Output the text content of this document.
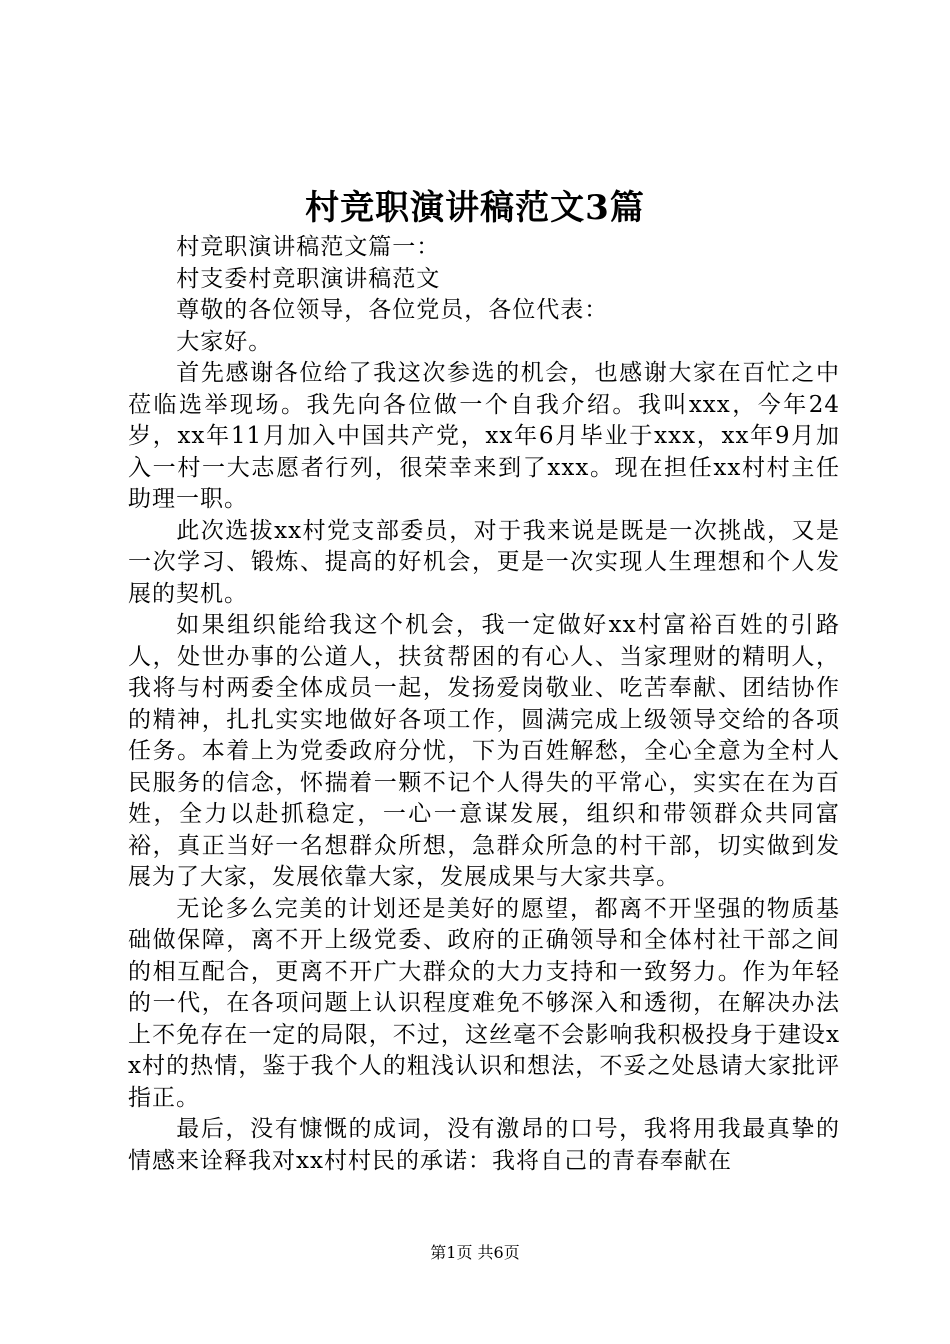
村竞职演讲稿范文3篇

村竞职演讲稿范文篇一：

村支委村竞职演讲稿范文

尊敬的各位领导，各位党员，各位代表：

大家好。

首先感谢各位给了我这次参选的机会，也感谢大家在百忙之中莅临选举现场。我先向各位做一个自我介绍。我叫xxx，今年24岁，xx年11月加入中国共产党，xx年6月毕业于xxx，xx年9月加入一村一大志愿者行列，很荣幸来到了xxx。现在担任xx村村主任助理一职。

此次选拔xx村党支部委员，对于我来说是既是一次挑战，又是一次学习、锻炼、提高的好机会，更是一次实现人生理想和个人发展的契机。

如果组织能给我这个机会，我一定做好xx村富裕百姓的引路人，处世办事的公道人，扶贫帮困的有心人、当家理财的精明人，我将与村两委全体成员一起，发扬爱岗敬业、吃苦奉献、团结协作的精神，扎扎实实地做好各项工作，圆满完成上级领导交给的各项任务。本着上为党委政府分忧，下为百姓解愁，全心全意为全村人民服务的信念，怀揣着一颗不记个人得失的平常心，实实在在为百姓，全力以赴抓稳定，一心一意谋发展，组织和带领群众共同富裕，真正当好一名想群众所想，急群众所急的村干部，切实做到发展为了大家，发展依靠大家，发展成果与大家共享。

无论多么完美的计划还是美好的愿望，都离不开坚强的物质基础做保障，离不开上级党委、政府的正确领导和全体村社干部之间的相互配合，更离不开广大群众的大力支持和一致努力。作为年轻的一代，在各项问题上认识程度难免不够深入和透彻，在解决办法上不免存在一定的局限，不过，这丝毫不会影响我积极投身于建设xx村的热情，鉴于我个人的粗浅认识和想法，不妥之处恳请大家批评指正。

最后，没有慷慨的成词，没有激昂的口号，我将用我最真挚的情感来诠释我对xx村村民的承诺：我将自己的青春奉献在

第1页 共6页
